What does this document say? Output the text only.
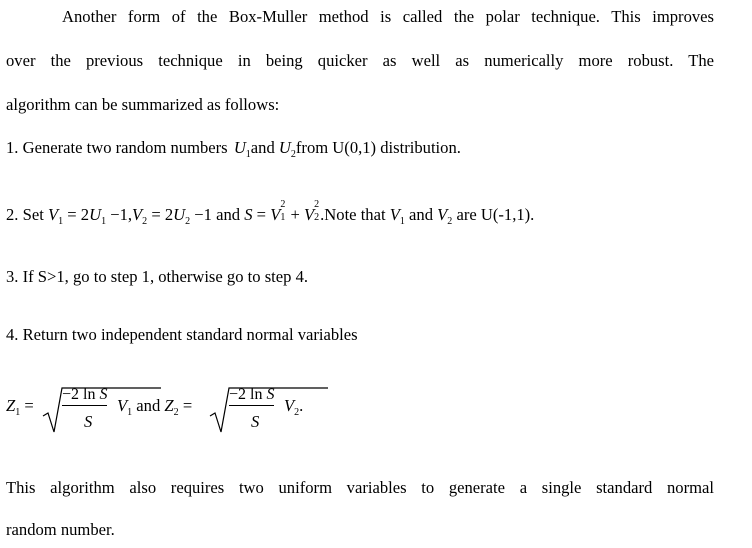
Another form of the Box-Muller method is called the polar technique. This improves
over the previous technique in being quicker as well as numerically more robust. The
algorithm can be summarized as follows:
1. Generate two random numbers $U_1and$ $U_2from$ U(0,1) distribution.
2. Set $V_1 = 2U_1 -1,V_2 = 2U_2 -1$ and S = V
2
1 + V
2
2 .Note that $V_1$ and $V_2$ are U(-1,1).
3. If S>1, go to step 1, otherwise go to step 4.
4. Return two independent standard normal variables
$Z_1$ =
−2 ln S
S
$V_1$ and $Z_2$ =
−2 ln S
S
$V_2$.
This algorithm also requires two uniform variables to generate a single standard normal
random number.
